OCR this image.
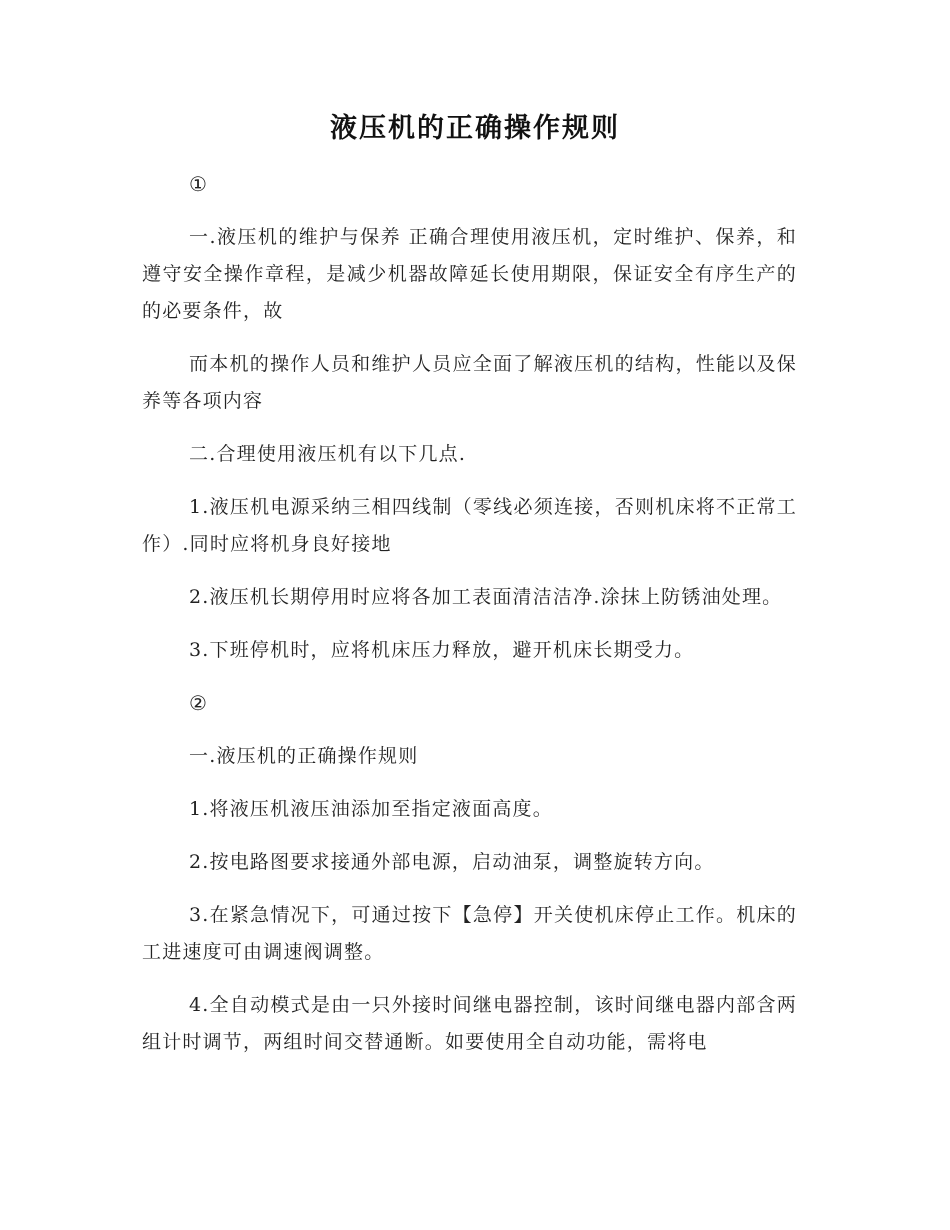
液压机的正确操作规则

①

一.液压机的维护与保养 正确合理使用液压机，定时维护、保养，和遵守安全操作章程，是减少机器故障延长使用期限，保证安全有序生产的的必要条件，故

而本机的操作人员和维护人员应全面了解液压机的结构，性能以及保养等各项内容

二.合理使用液压机有以下几点.

1.液压机电源采纳三相四线制（零线必须连接，否则机床将不正常工作）.同时应将机身良好接地

2.液压机长期停用时应将各加工表面清洁洁净.涂抹上防锈油处理。

3.下班停机时，应将机床压力释放，避开机床长期受力。

②

一.液压机的正确操作规则

1.将液压机液压油添加至指定液面高度。

2.按电路图要求接通外部电源，启动油泵，调整旋转方向。

3.在紧急情况下，可通过按下【急停】开关使机床停止工作。机床的工进速度可由调速阀调整。

4.全自动模式是由一只外接时间继电器控制，该时间继电器内部含两组计时调节，两组时间交替通断。如要使用全自动功能，需将电
